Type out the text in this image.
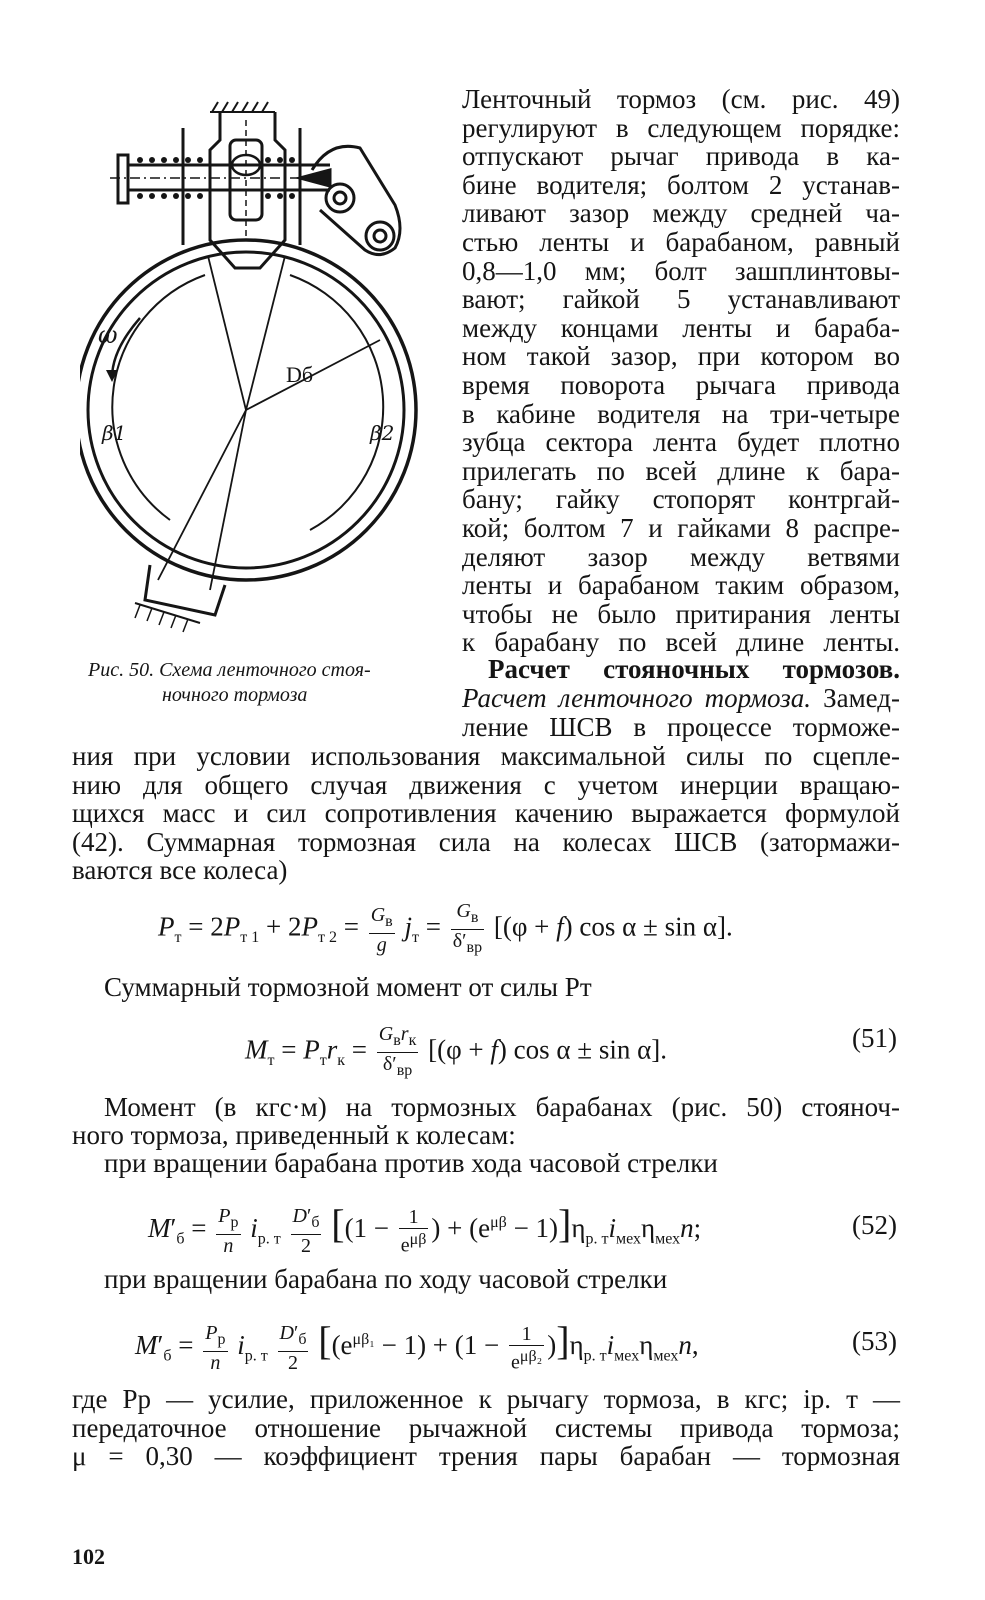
ω
Dб
β1	β2
Рис. 50. Схема ленточного стоя-
ночного тормоза
Ленточный тормоз (см. рис. 49)
регулируют в следующем порядке:
отпускают рычаг привода в ка-
бине водителя; болтом 2 устанав-
ливают зазор между средней ча-
стью ленты и барабаном, равный
0,8—1,0 мм; болт зашплинтовы-
вают; гайкой 5 устанавливают
между концами ленты и бараба-
ном такой зазор, при котором во
время поворота рычага привода
в кабине водителя на три-четыре
зубца сектора лента будет плотно
прилегать по всей длине к бара-
бану; гайку стопорят контргай-
кой; болтом 7 и гайками 8 распре-
деляют зазор между ветвями
ленты и барабаном таким образом,
чтобы не было притирания ленты
к барабану по всей длине ленты.
Расчет стояночных тормозов.
Расчет ленточного тормоза. Замед-
ление ШСВ в процессе торможе-
ния при условии использования максимальной силы по сцепле-
нию для общего случая движения с учетом инерции вращаю-
щихся масс и сил сопротивления качению выражается формулой
(42). Суммарная тормозная сила на колесах ШСВ (затормажи-
ваются все колеса)
$P_т = 2P_{т 1} + 2P_{т 2} = \frac{G_в}{g} j_т = \frac{G_в}{\delta'_{вр}} [(\varphi + f)$ cos α ± sin α].
Суммарный тормозной момент от силы Pт
$M_т = P_тr_к = \frac{G_вr_к}{\delta'_{вр}} [(\varphi + f)$ cos α ± sin α].	(51)
Момент (в кгс·м) на тормозных барабанах (рис. 50) стояноч-
ного тормоза, приведенный к колесам:
при вращении барабана против хода часовой стрелки
$M'_б = \frac{P_р}{n} i_{р. т} \frac{D'_б}{2} [(1 - \frac{1}{e^{\mu\beta}}$ ) + $(e^{\mu\beta} - 1)]\eta_{р. т}i_{мех}\eta_{мех}n$;	(52)
при вращении барабана по ходу часовой стрелки
$M'_б = \frac{P_р}{n} i_{р. т} \frac{D'_б}{2} [(e^{\mu\beta_1} - 1) + (1 - \frac{1}{e^{\mu\beta_2}} )]\eta_{р. т}i_{мех}\eta_{мех}n$,	(53)
где Pр — усилие, приложенное к рычагу тормоза, в кгс; iр. т —
передаточное отношение рычажной системы привода тормоза;
μ = 0,30 — коэффициент трения пары барабан — тормозная
102
